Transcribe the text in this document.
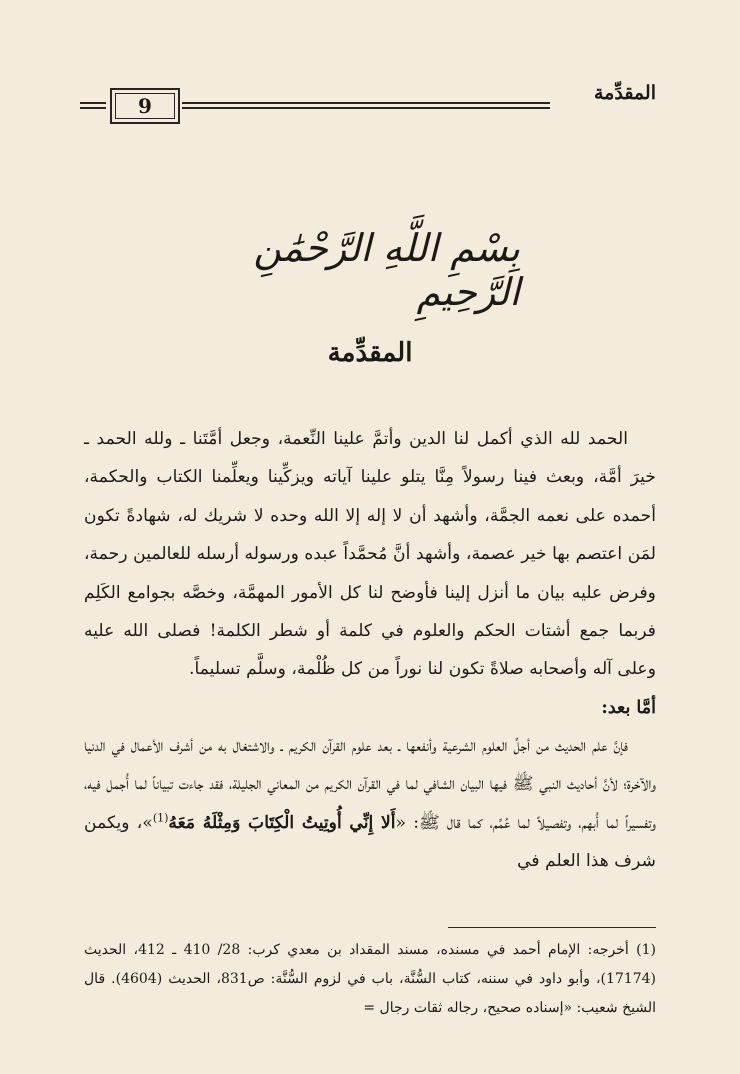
9
المقدِّمة
بِسْمِ اللَّهِ الرَّحْمَٰنِ الرَّحِيمِ
المقدِّمة

الحمد لله الذي أكمل لنا الدين وأتمَّ علينا النِّعمة، وجعل أمَّتَنا ـ ولله الحمد ـ خيرَ أمَّة، وبعث فينا رسولاً مِنَّا يتلو علينا آياته ويزكِّينا ويعلِّمنا الكتاب والحكمة، أحمده على نعمه الجمَّة، وأشهد أن لا إله إلا الله وحده لا شريك له، شهادةً تكون لمَن اعتصم بها خير عصمة، وأشهد أنَّ مُحمَّداً عبده ورسوله أرسله للعالمين رحمة، وفرض عليه بيان ما أنزل إلينا فأوضح لنا كل الأمور المهمَّة، وخصَّه بجوامع الكَلِم فربما جمع أشتات الحكم والعلوم في كلمة أو شطر الكلمة! فصلى الله عليه وعلى آله وأصحابه صلاةً تكون لنا نوراً من كل ظُلْمة، وسلَّم تسليماً.

أمَّا بعد:

فإنَّ علم الحديث من أجلِّ العلوم الشرعية وأنفعها ـ بعد علوم القرآن الكريم ـ والاشتغال به من أشرف الأعمال في الدنيا والآخرة؛ لأنَّ أحاديث النبي ﷺ فيها البيان الشافي لما في القرآن الكريم من المعاني الجليلة، فقد جاءت تبياناً لما أُجمل فيه، وتفسيراً لما أُبهم، وتفصيلاً لما عُمِّم، كما قال ﷺ: «أَلا إِنِّي أُوتِيتُ الْكِتَابَ وَمِثْلَهُ مَعَهُ$^{(1)}$»، ويكمن شرف هذا العلم في

(1) أخرجه: الإمام أحمد في مسنده، مسند المقداد بن معدي كرب: 28/ 410 ـ 412، الحديث (17174)، وأبو داود في سننه، كتاب السُّنَّة، باب في لزوم السُّنَّة: ص831، الحديث (4604). قال الشيخ شعيب: «إسناده صحيح، رجاله ثقات رجال =
